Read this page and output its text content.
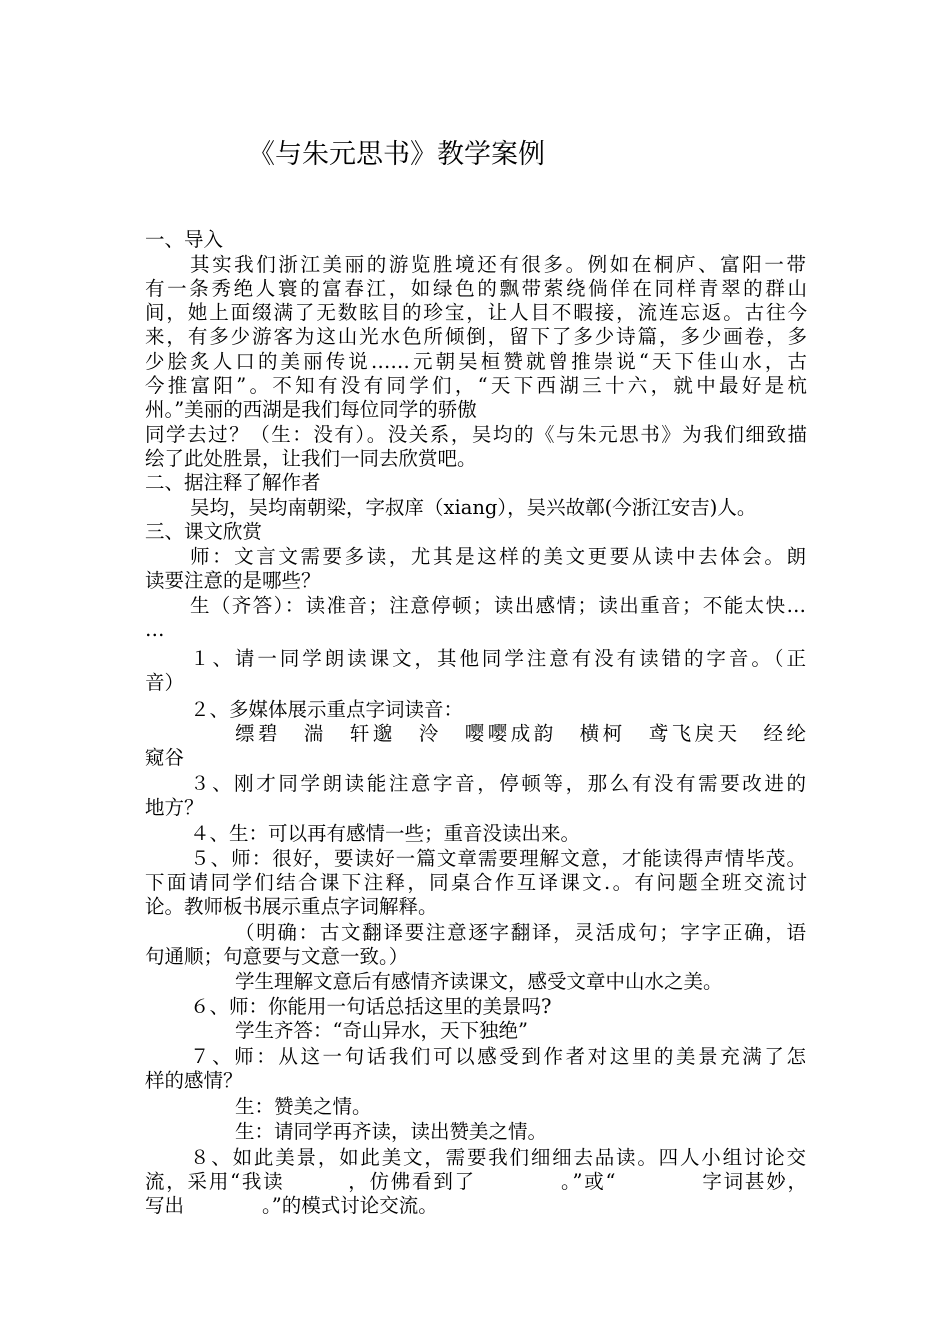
《与朱元思书》教学案例
一、导入
其实我们浙江美丽的游览胜境还有很多。例如在桐庐、富阳一带
有一条秀绝人寰的富春江，如绿色的飘带萦绕倘佯在同样青翠的群山
间，她上面缀满了无数眩目的珍宝，让人目不暇接，流连忘返。古往今
来，有多少游客为这山光水色所倾倒，留下了多少诗篇，多少画卷，多
少脍炙人口的美丽传说……元朝吴桓赞就曾推崇说“天下佳山水，古
今推富阳”。不知有没有同学们，“天下西湖三十六，就中最好是杭
州。”美丽的西湖是我们每位同学的骄傲
同学去过？（生：没有）。没关系，吴均的《与朱元思书》为我们细致描
绘了此处胜景，让我们一同去欣赏吧。
二、据注释了解作者
吴均，吴均南朝梁，字叔庠（xiang），吴兴故鄣(今浙江安吉)人。
三、课文欣赏
师：文言文需要多读，尤其是这样的美文更要从读中去体会。朗
读要注意的是哪些？
生（齐答）：读准音；注意停顿；读出感情；读出重音；不能太快…
…
１、请一同学朗读课文，其他同学注意有没有读错的字音。（正
音）
２、多媒体展示重点字词读音：
缥碧　湍　轩邈　泠　嘤嘤成韵　横柯　鸢飞戾天　经纶
窥谷
３、刚才同学朗读能注意字音，停顿等，那么有没有需要改进的
地方？
４、生：可以再有感情一些；重音没读出来。
５、师：很好，要读好一篇文章需要理解文意，才能读得声情毕茂。
下面请同学们结合课下注释，同桌合作互译课文.。有问题全班交流讨
论。教师板书展示重点字词解释。
（明确：古文翻译要注意逐字翻译，灵活成句；字字正确，语
句通顺；句意要与文意一致。）
学生理解文意后有感情齐读课文，感受文章中山水之美。
６、师：你能用一句话总括这里的美景吗?
学生齐答：“奇山异水，天下独绝”
７、师：从这一句话我们可以感受到作者对这里的美景充满了怎
样的感情？
生：赞美之情。
生：请同学再齐读，读出赞美之情。
８、如此美景，如此美文，需要我们细细去品读。四人小组讨论交
流，采用“我读　　　，仿佛看到了　　　　。”或“　　　　字词甚妙，
写出　　　　。”的模式讨论交流。
